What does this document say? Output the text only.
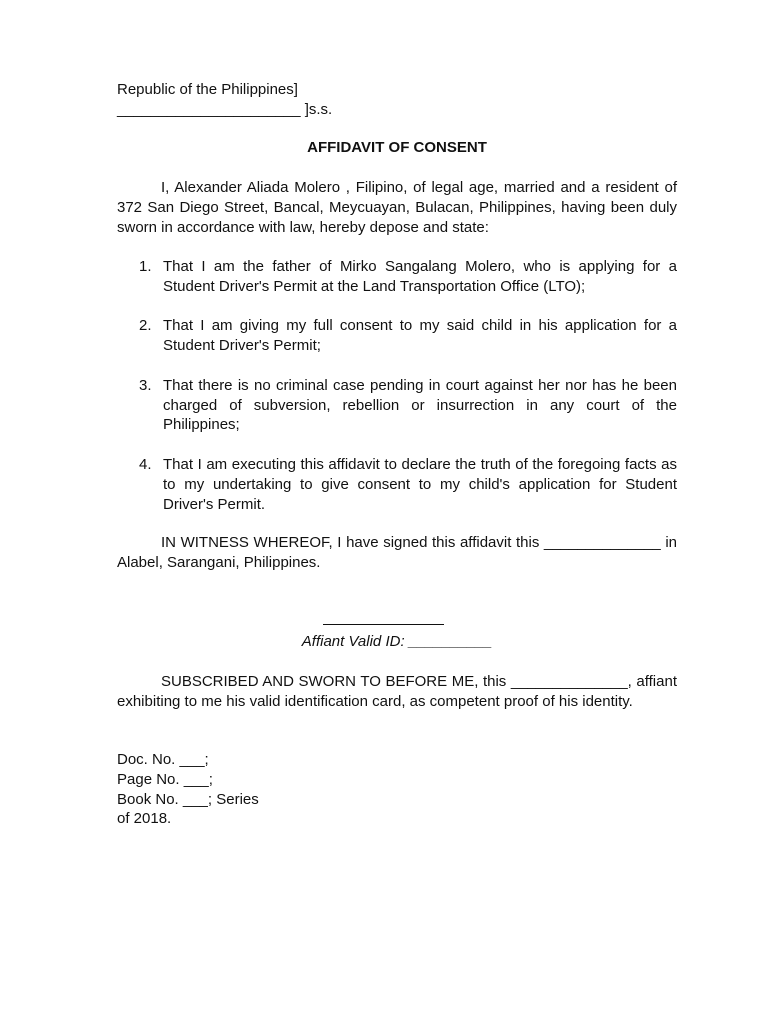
Republic of the Philippines]
______________________ ]s.s.
AFFIDAVIT OF CONSENT
I, Alexander Aliada Molero , Filipino, of legal age, married and a resident of 372 San Diego Street, Bancal, Meycuayan, Bulacan, Philippines, having been duly sworn in accordance with law, hereby depose and state:
1. That I am the father of Mirko Sangalang Molero, who is applying for a Student Driver's Permit at the Land Transportation Office (LTO);
2. That I am giving my full consent to my said child in his application for a Student Driver's Permit;
3. That there is no criminal case pending in court against her nor has he been charged of subversion, rebellion or insurrection in any court of the Philippines;
4. That I am executing this affidavit to declare the truth of the foregoing facts as to my undertaking to give consent to my child's application for Student Driver's Permit.
IN WITNESS WHEREOF, I have signed this affidavit this ______________ in Alabel, Sarangani, Philippines.
Affiant Valid ID: __________
SUBSCRIBED AND SWORN TO BEFORE ME, this ______________, affiant exhibiting to me his valid identification card, as competent proof of his identity.
Doc. No. ___;
Page No. ___;
Book No. ___; Series
of 2018.
